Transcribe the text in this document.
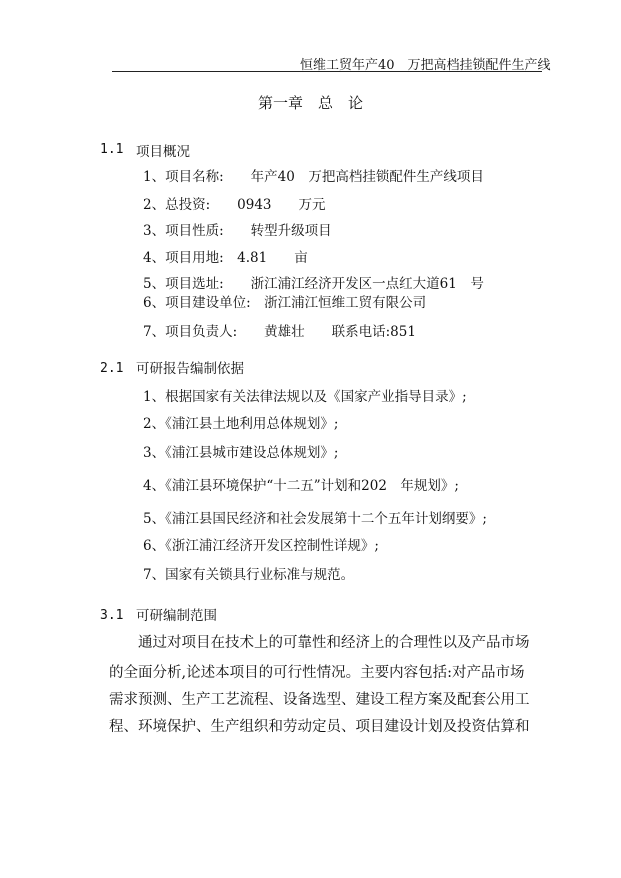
恒维工贸年产40　万把高档挂锁配件生产线
第一章　总　论
1.1 项目概况
1、项目名称:　　年产40　万把高档挂锁配件生产线项目
2、总投资:　　0943　　万元
3、项目性质:　　转型升级项目
4、项目用地:　4.81　　亩
5、项目选址:　　浙江浦江经济开发区一点红大道61　号
6、项目建设单位:　浙江浦江恒维工贸有限公司
7、项目负责人:　　黄雄壮　　联系电话:851
2.1 可研报告编制依据
1、根据国家有关法律法规以及《国家产业指导目录》;
2、《浦江县土地利用总体规划》;
3、《浦江县城市建设总体规划》;
4、《浦江县环境保护“十二五”计划和202　年规划》;
5、《浦江县国民经济和社会发展第十二个五年计划纲要》;
6、《浙江浦江经济开发区控制性详规》;
7、国家有关锁具行业标准与规范。
3.1 可研编制范围
通过对项目在技术上的可靠性和经济上的合理性以及产品市场
的全面分析,论述本项目的可行性情况。主要内容包括:对产品市场
需求预测、生产工艺流程、设备选型、建设工程方案及配套公用工
程、环境保护、生产组织和劳动定员、项目建设计划及投资估算和
